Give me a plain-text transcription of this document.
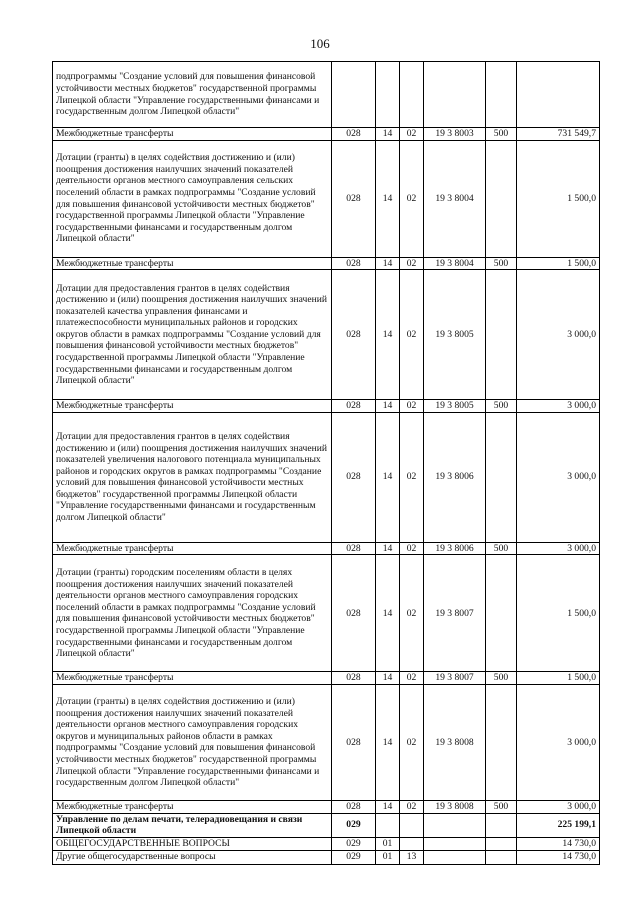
106
подпрограммы "Создание условий для повышения финансовой устойчивости местных бюджетов" государственной программы Липецкой области "Управление государственными финансами и государственным долгом Липецкой области"						
Межбюджетные трансферты	028	14	02	19 3 8003	500	731 549,7
Дотации (гранты) в целях содействия достижению и (или) поощрения достижения наилучших значений показателей деятельности органов местного самоуправления сельских поселений области в рамках подпрограммы "Создание условий для повышения финансовой устойчивости местных бюджетов" государственной программы Липецкой области "Управление государственными финансами и государственным долгом Липецкой области"	028	14	02	19 3 8004		1 500,0
Межбюджетные трансферты	028	14	02	19 3 8004	500	1 500,0
Дотации для предоставления грантов в целях содействия достижению и (или) поощрения достижения наилучших значений показателей качества управления финансами и платежеспособности муниципальных районов и городских округов области в рамках подпрограммы "Создание условий для повышения финансовой устойчивости местных бюджетов" государственной программы Липецкой области "Управление государственными финансами и государственным долгом Липецкой области"	028	14	02	19 3 8005		3 000,0
Межбюджетные трансферты	028	14	02	19 3 8005	500	3 000,0
Дотации для предоставления грантов в целях содействия достижению и (или) поощрения достижения наилучших значений показателей увеличения налогового потенциала муниципальных районов и городских округов в рамках подпрограммы "Создание условий для повышения финансовой устойчивости местных бюджетов" государственной программы Липецкой области "Управление государственными финансами и государственным долгом Липецкой области"	028	14	02	19 3 8006		3 000,0
Межбюджетные трансферты	028	14	02	19 3 8006	500	3 000,0
Дотации (гранты) городским поселениям области в целях поощрения достижения наилучших значений показателей деятельности органов местного самоуправления городских поселений области в рамках подпрограммы "Создание условий для повышения финансовой устойчивости местных бюджетов" государственной программы Липецкой области "Управление государственными финансами и государственным долгом Липецкой области"	028	14	02	19 3 8007		1 500,0
Межбюджетные трансферты	028	14	02	19 3 8007	500	1 500,0
Дотации (гранты) в целях содействия достижению и (или) поощрения достижения наилучших значений показателей деятельности органов местного самоуправления городских округов и муниципальных районов области в рамках подпрограммы "Создание условий для повышения финансовой устойчивости местных бюджетов" государственной программы Липецкой области "Управление государственными финансами и государственным долгом Липецкой области"	028	14	02	19 3 8008		3 000,0
Межбюджетные трансферты	028	14	02	19 3 8008	500	3 000,0
Управление по делам печати, телерадиовещания и связи Липецкой области	029					225 199,1
ОБЩЕГОСУДАРСТВЕННЫЕ ВОПРОСЫ	029	01				14 730,0
Другие общегосударственные вопросы	029	01	13			14 730,0
